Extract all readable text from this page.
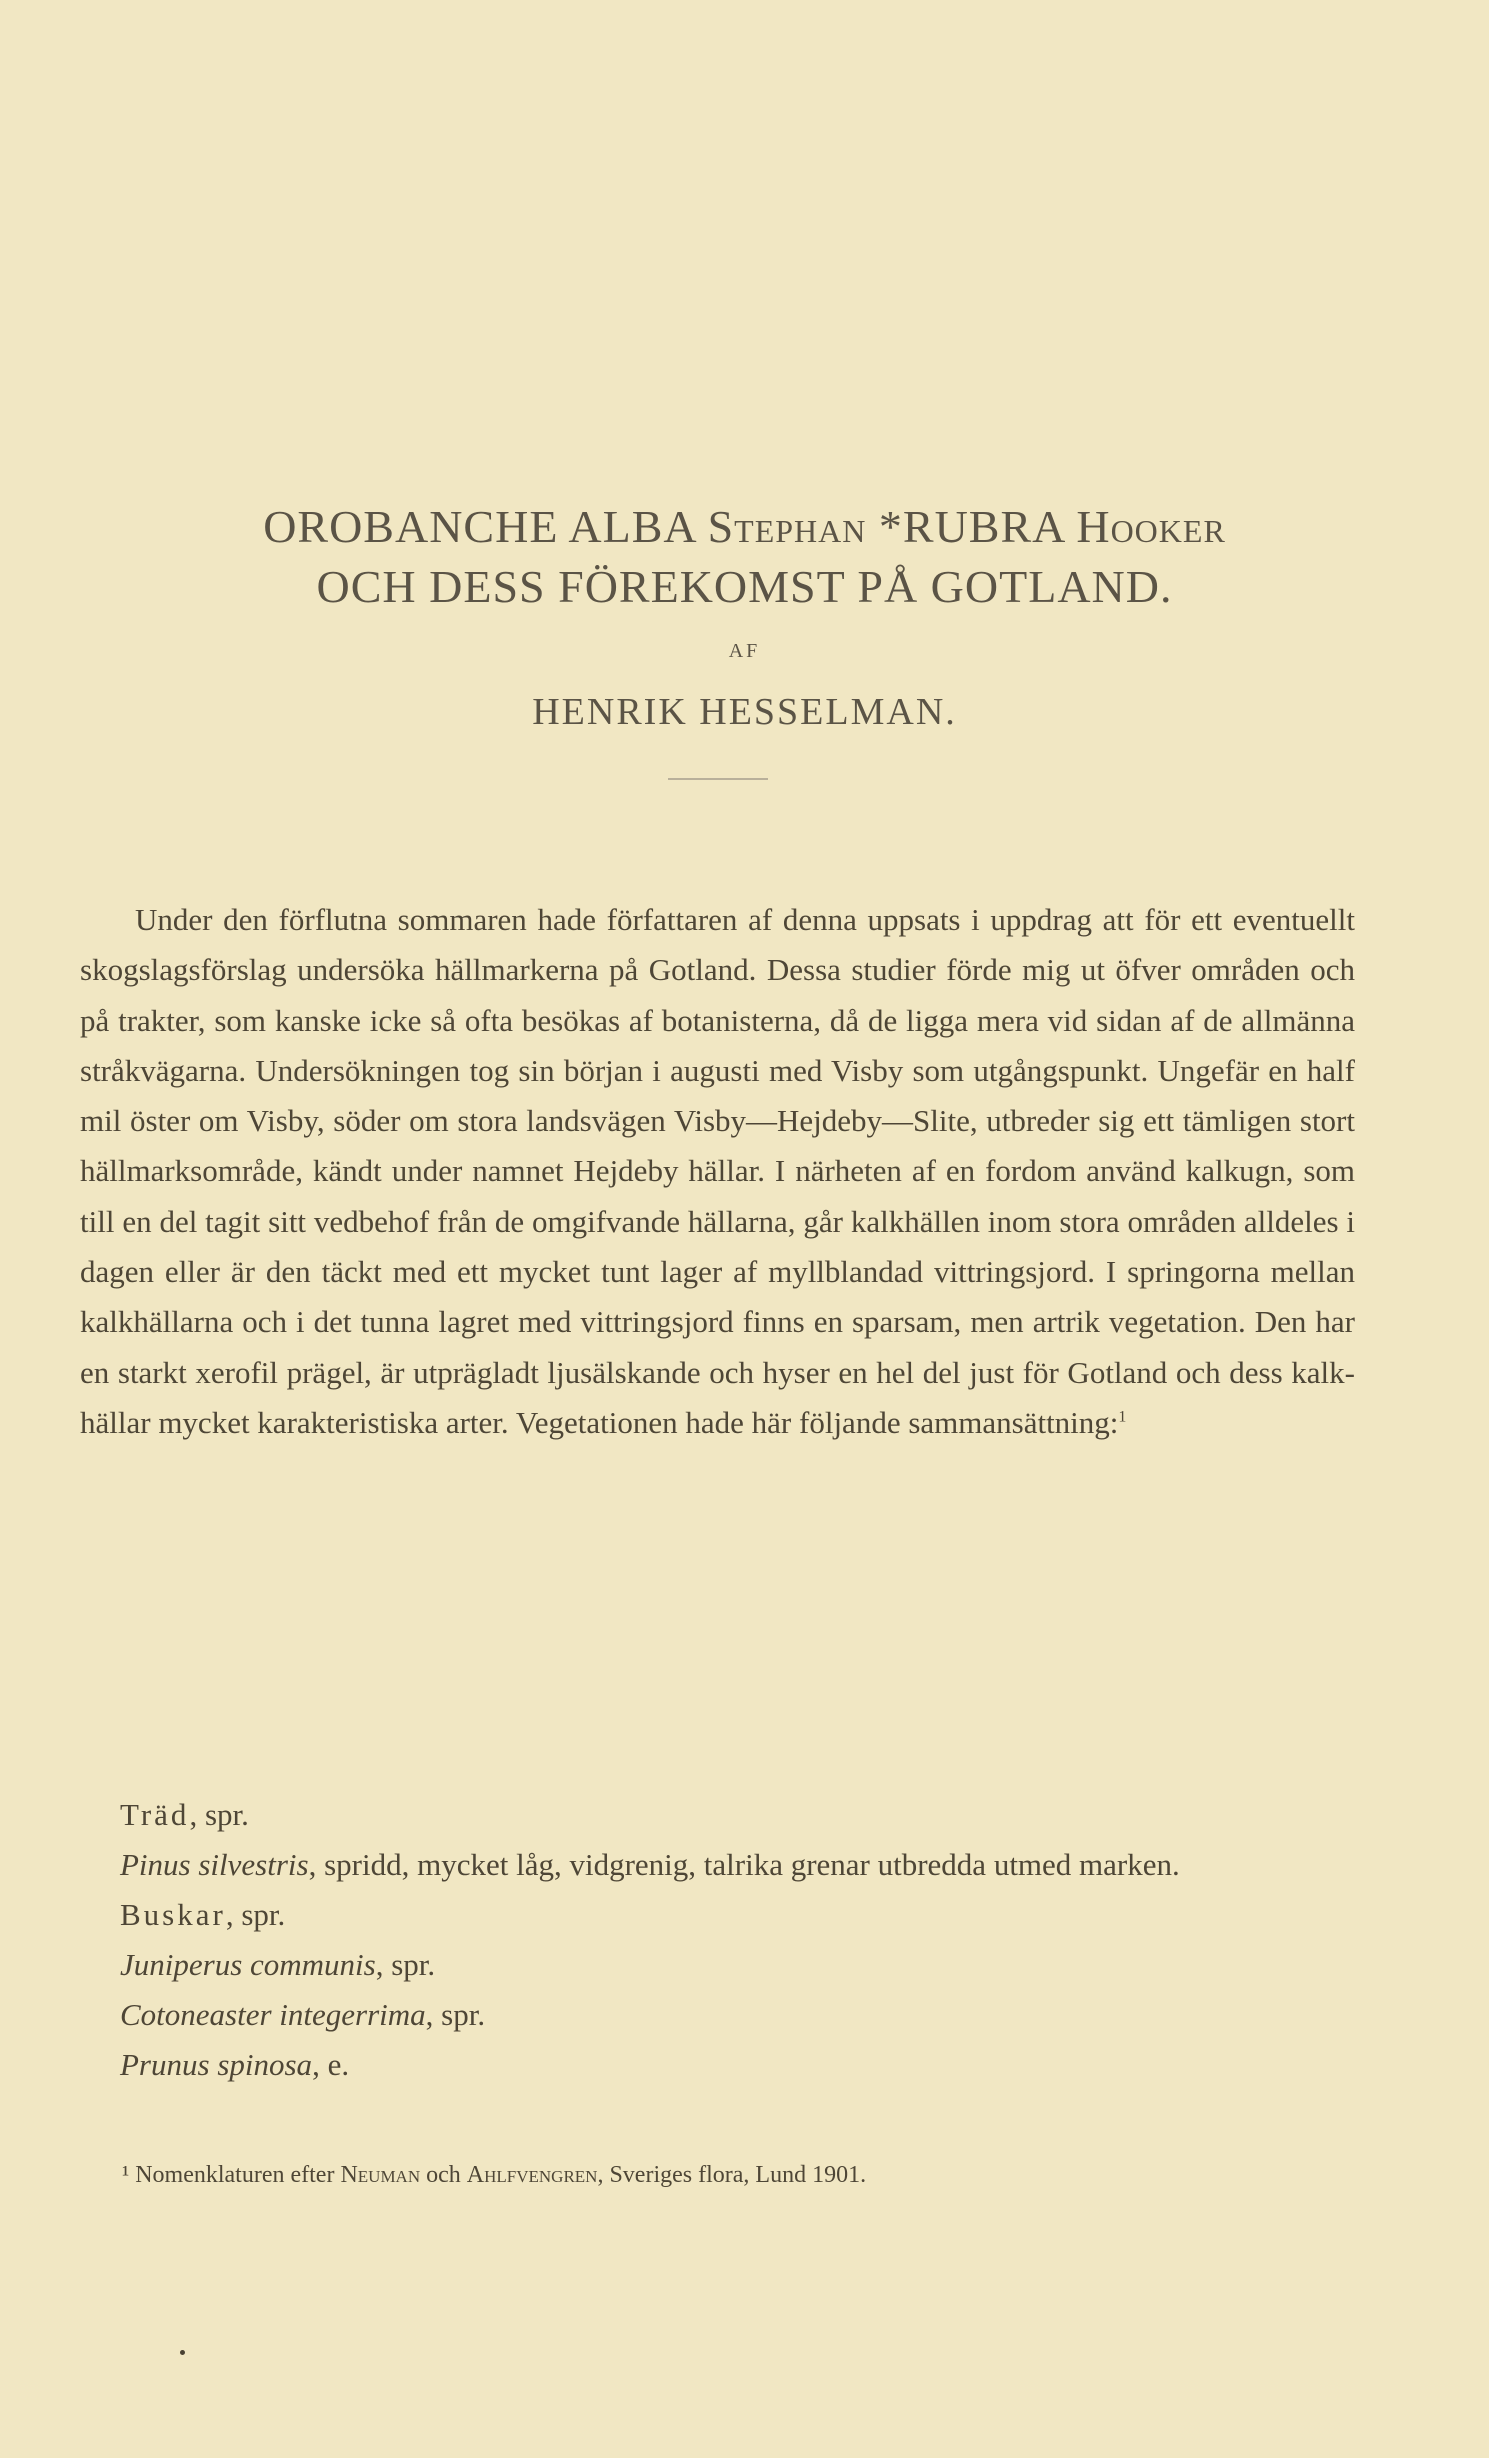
OROBANCHE ALBA Stephan *RUBRA Hooker
OCH DESS FÖREKOMST PÅ GOTLAND.
AF
HENRIK HESSELMAN.

Under den förflutna sommaren hade författaren af denna uppsats i uppdrag att för ett eventuellt skogslagsförslag undersöka hällmarkerna på Gotland. Dessa studier förde mig ut öfver områden och på trakter, som kanske icke så ofta besökas af botanisterna, då de ligga mera vid sidan af de allmänna stråkvägarna. Undersökningen tog sin början i augusti med Visby som utgångspunkt. Ungefär en half mil öster om Visby, söder om stora landsvägen Visby—Hejdeby—Slite, utbreder sig ett tämligen stort hällmarksområde, kändt under namnet Hejdeby hällar. I närheten af en fordom använd kalkugn, som till en del tagit sitt vedbehof från de omgifvande hällarna, går kalkhällen inom stora områden alldeles i dagen eller är den täckt med ett mycket tunt lager af myllblandad vittringsjord. I springorna mellan kalkhällarna och i det tunna lagret med vittringsjord finns en sparsam, men artrik vegetation. Den har en starkt xerofil prägel, är utprägladt ljusälskande och hyser en hel del just för Gotland och dess kalkhällar mycket karakteristiska arter. Vegetationen hade här följande sammansättning:$^1$

Träd, spr.

Pinus silvestris, spridd, mycket låg, vidgrenig, talrika grenar utbredda utmed marken.

Buskar, spr.

Juniperus communis, spr.

Cotoneaster integerrima, spr.

Prunus spinosa, e.

¹ Nomenklaturen efter Neuman och Ahlfvengren, Sveriges flora, Lund 1901.
